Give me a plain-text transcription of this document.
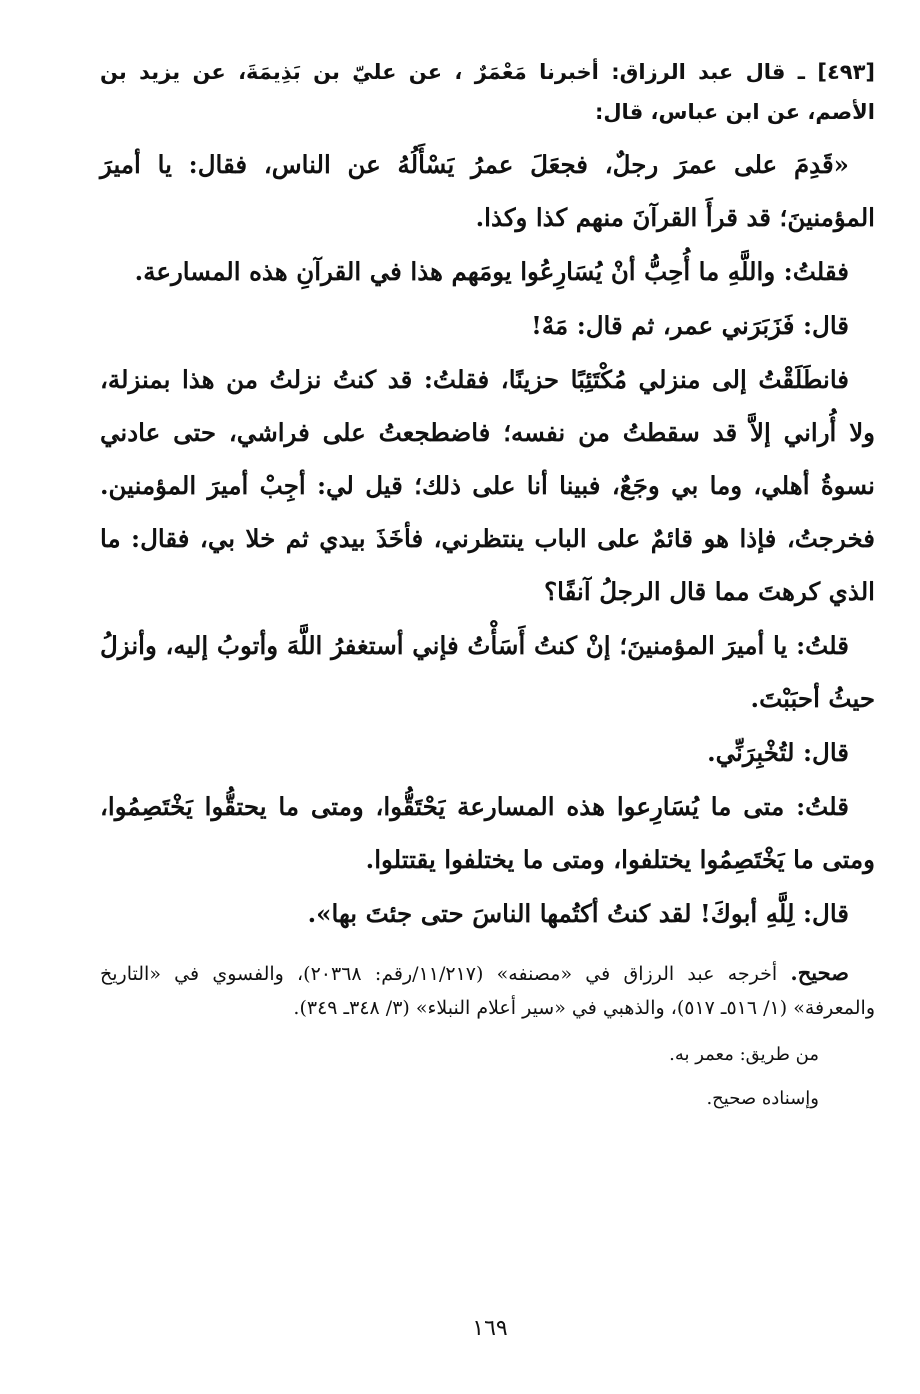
[٤٩٣] ـ قال عبد الرزاق: أخبرنا مَعْمَرٌ ، عن عليّ بن بَذِيمَةَ، عن يزيد بن الأصم، عن ابن عباس، قال:

«قَدِمَ على عمرَ رجلٌ، فجعَلَ عمرُ يَسْأَلُهُ عن الناس، فقال: يا أميرَ المؤمنينَ؛ قد قرأَ القرآنَ منهم كذا وكذا.

فقلتُ: واللَّهِ ما أُحِبُّ أنْ يُسَارِعُوا يومَهم هذا في القرآنِ هذه المسارعة.

قال: فَزَبَرَني عمر، ثم قال: مَهْ!

فانطَلَقْتُ إلى منزلي مُكْتَئِبًا حزينًا، فقلتُ: قد كنتُ نزلتُ من هذا بمنزلة، ولا أُراني إلاَّ قد سقطتُ من نفسه؛ فاضطجعتُ على فراشي، حتى عادني نسوةُ أهلي، وما بي وجَعٌ، فبينا أنا على ذلك؛ قيل لي: أجِبْ أميرَ المؤمنين. فخرجتُ، فإذا هو قائمٌ على الباب ينتظرني، فأخَذَ بيدي ثم خلا بي، فقال: ما الذي كرهتَ مما قال الرجلُ آنفًا؟

قلتُ: يا أميرَ المؤمنينَ؛ إنْ كنتُ أَسَأْتُ فإني أستغفرُ اللَّهَ وأتوبُ إليه، وأنزلُ حيثُ أحبَبْتَ.

قال: لتُخْبِرَنِّي.

قلتُ: متى ما يُسَارِعوا هذه المسارعة يَحْتَقُّوا، ومتى ما يحتقُّوا يَخْتَصِمُوا، ومتى ما يَخْتَصِمُوا يختلفوا، ومتى ما يختلفوا يقتتلوا.

قال: لِلَّهِ أبوكَ! لقد كنتُ أكتُمها الناسَ حتى جئتَ بها».

صحيح. أخرجه عبد الرزاق في «مصنفه» (١١/٢١٧/رقم: ٢٠٣٦٨)، والفسوي في «التاريخ والمعرفة» (١/ ٥١٦ـ ٥١٧)، والذهبي في «سير أعلام النبلاء» (٣/ ٣٤٨ـ ٣٤٩).

من طريق: معمر به.

وإسناده صحيح.

١٦٩
